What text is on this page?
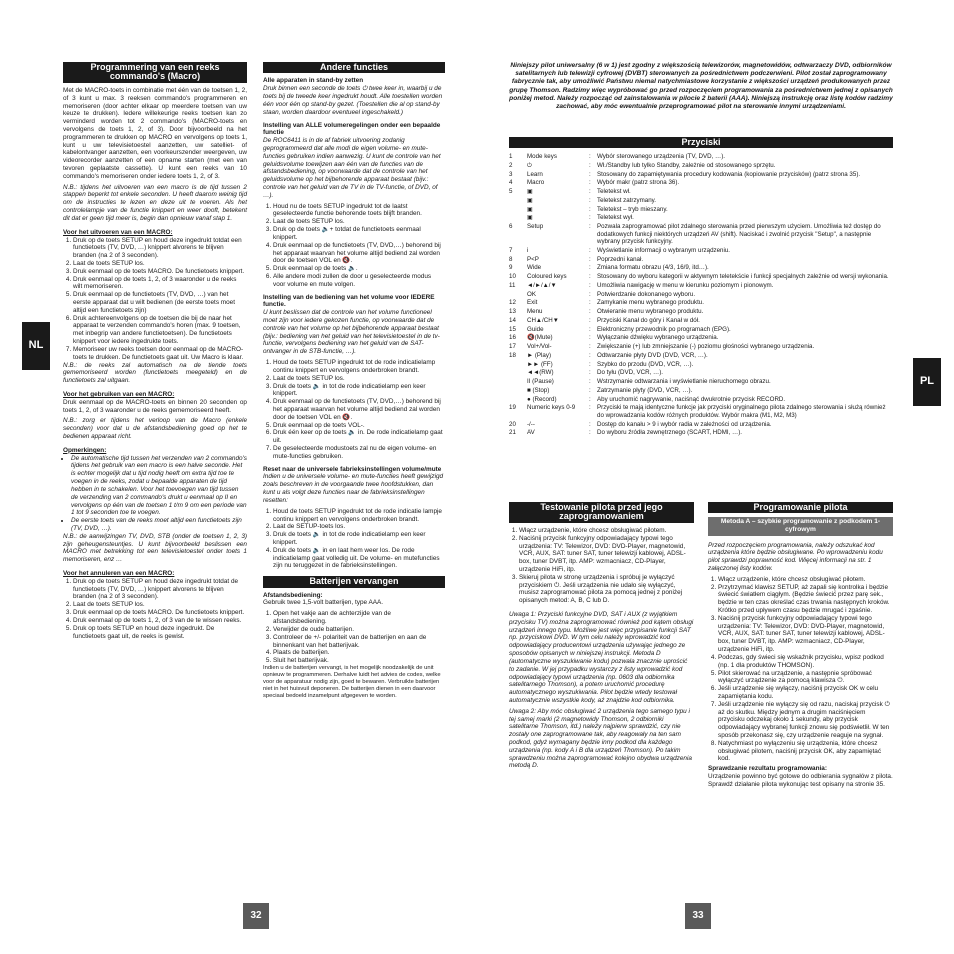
Programmering van een reeks commando's (Macro)

Met de MACRO-toets in combinatie met één van de toetsen 1, 2, of 3 kunt u max. 3 reeksen commando's programmeren en memoriseren (door achter elkaar op meerdere toetsen van uw keuze te drukken). Iedere willekeurige reeks toetsen kan zo verminderd worden tot 2 commando's (MACRO-toets en vervolgens de toets 1, 2, of 3). Door bijvoorbeeld na het programmeren te drukken op MACRO en vervolgens op toets 1, kunt u uw televisietoestel aanzetten, uw satelliet- of kabelontvanger aanzetten, een voorkeurszender weergeven, uw videorecorder aanzetten of een opname starten (met een van tevoren geplaatste cassette). U kunt een reeks van 10 commando's memoriseren onder iedere toets 1, 2, of 3.

N.B.: tijdens het uitvoeren van een macro is de tijd tussen 2 stappen beperkt tot enkele seconden. U heeft daarom weinig tijd om de instructies te lezen en deze uit te voeren. Als het controlelampje van de functie knippert en weer dooft, betekent dit dat er geen tijd meer is, begin dan opnieuw vanaf stap 1.

Voor het uitvoeren van een MACRO:
1. Druk op de toets SETUP en houd deze ingedrukt totdat een functietoets (TV, DVD, …) knippert alvorens te blijven branden (na 2 of 3 seconden).
2. Laat de toets SETUP los.
3. Druk eenmaal op de toets MACRO. De functietoets knippert.
4. Druk eenmaal op de toets 1, 2, of 3 waaronder u de reeks wilt memoriseren.
5. Druk eenmaal op de functietoets (TV, DVD, …) van het eerste apparaat dat u wilt bedienen (de eerste toets moet altijd een functietoets zijn)
6. Druk achtereenvolgens op de toetsen die bij de naar het apparaat te verzenden commando's horen (max. 9 toetsen, met inbegrip van andere functietoetsen). De functietoets knippert voor iedere ingedrukte toets.
7. Memoriseer uw reeks toetsen door eenmaal op de MACRO-toets te drukken. De functietoets gaat uit. Uw Macro is klaar.

N.B.: de reeks zal automatisch na de tiende toets gememoriseerd worden (functietoets meegeteld) en de functietoets zal uitgaan.

Voor het gebruiken van een MACRO:

Druk eenmaal op de MACRO-toets en binnen 20 seconden op toets 1, 2, of 3 waaronder u de reeks gememoriseerd heeft.

N.B.: zorg er tijdens het verloop van de Macro (enkele seconden) voor dat u de afstandsbediening goed op het te bedienen apparaat richt.

Opmerkingen:
• De automatische tijd tussen het verzenden van 2 commando's tijdens het gebruik van een macro is een halve seconde. Het is echter mogelijk dat u tijd nodig heeft om extra tijd toe te voegen in de reeks, zodat u bepaalde apparaten de tijd hebben in te schakelen. Voor het toevoegen van tijd tussen de verzending van 2 commando's drukt u eenmaal op II en vervolgens op één van de toetsen 1 t/m 9 om een periode van 1 tot 9 seconden toe te voegen.
• De eerste toets van de reeks moet altijd een functietoets zijn (TV, DVD, …).

N.B.: de aanwijzingen TV, DVD, STB (onder de toetsen 1, 2, 3) zijn geheugensteuntjes. U kunt bijvoorbeeld beslissen een MACRO met betrekking tot een televisietoestel onder toets 1 memoriseren, enz …

Voor het annuleren van een MACRO:
1. Druk op de toets SETUP en houd deze ingedrukt totdat de functietoets (TV, DVD, …) knippert alvorens te blijven branden (na 2 of 3 seconden).
2. Laat de toets SETUP los.
3. Druk eenmaal op de toets MACRO. De functietoets knippert.
4. Druk eenmaal op de toets 1, 2, of 3 van de te wissen reeks.
5. Druk op toets SETUP en houd deze ingedrukt. De functietoets gaat uit, de reeks is gewist.
Andere functies
Alle apparaten in stand-by zetten

Druk binnen een seconde de toets ⏻ twee keer in, waarbij u de toets bij de tweede keer ingedrukt houdt. Alle toestellen worden één voor één op stand-by gezet. (Toestellen die al op stand-by staan, worden daardoor eventueel ingeschakeld.)

Instelling van ALLE volumeregelingen onder een bepaalde functie

De ROC6411 is in de af fabriek uitvoering zodanig geprogrammeerd dat alle modi de eigen volume- en mute-functies gebruiken indien aanwezig. U kunt de controle van het geluidsvolume toewijzen aan één van de functies van de afstandsbediening, op voorwaarde dat de controle van het geluidsvolume op het bijbehorende apparaat bestaat (bijv.: controle van het geluid van de TV in de TV-functie, of DVD, of …).

1. Houd nu de toets SETUP ingedrukt tot de laatst geselecteerde functie behorende toets blijft branden.
2. Laat de toets SETUP los.
3. Druk op de toets 🔈+ totdat de functietoets eenmaal knippert.
4. Druk eenmaal op de functietoets (TV, DVD,…) behorend bij het apparaat waarvan het volume altijd bediend zal worden door de toetsen VOL en 🔇.
5. Druk eenmaal op de toets 🔈.
6. Alle andere modi zullen de door u geselecteerde modus voor volume en mute volgen.
Instelling van de bediening van het volume voor IEDERE functie.

U kunt beslissen dat de controle van het volume functioneel moet zijn voor iedere gekozen functie, op voorwaarde dat de controle van het volume op het bijbehorende apparaat bestaat (bijv.: bediening van het geluid van het televisietoestel in de tv-functie, vervolgens bediening van het geluid van de SAT-ontvanger in de STB-functie, …).

1. Houd de toets SETUP ingedrukt tot de rode indicatielamp continu knippert en vervolgens onderbroken brandt.
2. Laat de toets SETUP los.
3. Druk de toets 🔈 in tot de rode indicatielamp een keer knippert.
4. Druk eenmaal op de functietoets (TV, DVD,…) behorend bij het apparaat waarvan het volume altijd bediend zal worden door de toetsen VOL en 🔇.
5. Druk eenmaal op de toets VOL-.
6. Druk één keer op de toets 🔈 in. De rode indicatielamp gaat uit.
7. De geselecteerde modustoets zal nu de eigen volume- en mute-functies gebruiken.
Reset naar de universele fabrieksinstellingen volume/mute

Indien u de universele volume- en mute-functies heeft gewijzigd zoals beschreven in de voorgaande twee hoofdstukken, dan kunt u als volgt deze functies naar de fabrieksinstellingen resetten:

1. Houd de toets SETUP ingedrukt tot de rode indicatie lampje continu knippert en vervolgens onderbroken brandt.
2. Laat de SETUP-toets los.
3. Druk de toets 🔈 in tot de rode indicatielamp een keer knippert.
4. Druk de toets 🔈 in en laat hem weer los. De rode indicatielamp gaat volledig uit. De volume- en mutefuncties zijn nu teruggezet in de fabrieksinstellingen.
Batterijen vervangen
Afstandsbediening:

Gebruik twee 1,5-volt batterijen, type AAA.

1. Open het vakje aan de achterzijde van de afstandsbediening.
2. Verwijder de oude batterijen.
3. Controleer de +/- polariteit van de batterijen en aan de binnenkant van het batterijvak.
4. Plaats de batterijen.
5. Sluit het batterijvak.

Indien u de batterijen vervangt, is het mogelijk noodzakelijk de unit opnieuw te programmeren. Derhalve luidt het advies de codes, welke voor de apparatuur nodig zijn, goed te bewaren. Verbruikte batterijen niet in het huisvuil deponeren. De batterijen dienen in een daarvoor speciaal bedoeld inzamelpunt afgegeven te worden.

NL
32
Niniejszy pilot uniwersalny (6 w 1) jest zgodny z większością telewizorów, magnetowidów, odtwarzaczy DVD, odbiorników satelitarnych lub telewizji cyfrowej (DVBT) sterowanych za pośrednictwem podczerwieni. Pilot został zaprogramowany fabrycznie tak, aby umożliwić Państwu niemal natychmiastowe korzystanie z większości urządzeń produkowanych przez grupę Thomson. Radzimy więc wypróbować go przed rozpoczęciem programowania za pośrednictwem jednej z opisanych poniżej metod. Należy rozpocząć od zainstalowania w pilocie 2 baterii (AAA). Niniejszą instrukcję oraz listę kodów radzimy zachować, aby móc ewentualnie przeprogramować pilot na sterowanie innymi urządzeniami.
Przyciski
1	Mode keys	:	Wybór sterowanego urządzenia (TV, DVD, …).
2	⏻	:	Wł./Standby lub tylko Standby, zależnie od stosowanego sprzętu.
3	Learn	:	Stosowany do zapamiętywania procedury kodowania (kopiowanie przycisków) (patrz strona 35).
4	Macro	:	Wybór makr (patrz strona 36).
5	▣	:	Teletekst wł.
	▣	:	Teletekst zatrzymany.
	▣	:	Teletekst – tryb mieszany.
	▣	:	Teletekst wył.
6	Setup	:	Pozwala zaprogramować pilot zdalnego sterowania przed pierwszym użyciem. Umożliwia też dostęp do dodatkowych funkcji niektórych urządzeń AV (shift). Naciskać i zwolnić przycisk "Setup", a następnie wybrany przycisk funkcyjny.
7	i	:	Wyświetlanie informacji o wybranym urządzeniu.
8	P<P	:	Poprzedni kanał.
9	Wide	:	Zmiana formatu obrazu (4/3, 16/9, itd…).
10	Coloured keys	:	Stosowany do wyboru kategorii w aktywnym teletekście i funkcji specjalnych zależnie od wersji wykonania.
11	◄/►/▲/▼	:	Umożliwia nawigację w menu w kierunku poziomym i pionowym.
	OK	:	Potwierdzanie dokonanego wyboru.
12	Exit	:	Zamykanie menu wybranego produktu.
13	Menu	:	Otwieranie menu wybranego produktu.
14	CH▲/CH▼	:	Przyciski Kanał do góry i Kanał w dół.
15	Guide	:	Elektroniczny przewodnik po programach (EPG).
16	🔇(Mute)	:	Wyłączanie dźwięku wybranego urządzenia.
17	Vol+/Vol-	:	Zwiększanie (+) lub zmniejszanie (-) poziomu głośności wybranego urządzenia.
18	► (Play)	:	Odtwarzanie płyty DVD (DVD, VCR, …).
	►► (FF)	:	Szybko do przodu (DVD, VCR, …).
	◄◄(RW)	:	Do tyłu (DVD, VCR, …).
	II (Pause)	:	Wstrzymanie odtwarzania i wyświetlanie nieruchomego obrazu.
	■ (Stop)	:	Zatrzymanie płyty (DVD, VCR, …).
	● (Record)	:	Aby uruchomić nagrywanie, naciśnąć dwukrotnie przycisk RECORD.
19	Numeric keys 0-9	:	Przyciski te mają identyczne funkcje jak przyciski oryginalnego pilota zdalnego sterowania i służą również do wprowadzania kodów różnych produktów. Wybór makra (M1, M2, M3)
20	-/--	:	Dostęp do kanału > 9 i wybór radia w zależności od urządzenia.
21	AV	:	Do wyboru źródła zewnętrznego (SCART, HDMI, …).
Testowanie pilota przed jego zaprogramowaniem
1. Włącz urządzenie, które chcesz obsługiwać pilotem.
2. Naciśnij przycisk funkcyjny odpowiadający typowi tego urządzenia: TV: Telewizor, DVD: DVD-Player, magnetowid, VCR, AUX, SAT: tuner SAT, tuner telewizji kablowej, ADSL-box, tuner DVBT, itp. AMP: wzmacniacz, CD-Player, urządzenie HiFi, itp.
3. Skieruj pilota w stronę urządzenia i spróbuj je wyłączyć przyciskiem ⏻. Jeśli urządzenia nie udało się wyłączyć, musisz zaprogramować pilota za pomocą jednej z poniżej opisanych metod: A, B, C lub D.

Uwaga 1: Przyciski funkcyjne DVD, SAT i AUX (z wyjątkiem przycisku TV) można zaprogramować również pod kątem obsługi urządzeń innego typu. Możliwe jest więc przypisanie funkcji SAT np. przyciskowi DVD. W tym celu należy wprowadzić kod odpowiadający producentowi urządzenia używając jednego ze sposobów opisanych w niniejszej instrukcji. Metoda D (automatyczne wyszukiwanie kodu) pozwala znacznie uprościć to zadanie. W jej przypadku wystarczy z listy wprowadzić kod odpowiadający typowi urządzenia (np. 0603 dla odbiornika satelitarnego Thomson), a potem uruchomić procedurę automatycznego wyszukiwania. Pilot będzie wtedy testował automatycznie wszystkie kody, aż znajdzie kod odbiornika.

Uwaga 2: Aby móc obsługiwać 2 urządzenia tego samego typu i tej samej marki (2 magnetowidy Thomson, 2 odbiorniki satelitarne Thomson, itd.) należy najpierw sprawdzić, czy nie zostały one zaprogramowane tak, aby reagowały na ten sam podkod, gdyż wymagany będzie inny podkod dla każdego urządzenia (np. kody A i B dla urządzeń Thomson). Po takim sprawdzeniu można zaprogramować kolejno obydwa urządzenia metodą D.

Programowanie pilota
Metoda A – szybkie programowanie z podkodem 1-cyfrowym

Przed rozpoczęciem programowania, należy odszukać kod urządzenia które będzie obsługiwane. Po wprowadzeniu kodu pilot sprawdzi poprawność kod. Więcej informacji na str. 1 załączonej listy kodów.

1. Włącz urządzenie, które chcesz obsługiwać pilotem.
2. Przytrzymać klawisz SETUP, aż zapali się kontrolka i będzie świecić światłem ciągłym. (Będzie świecić przez parę sek., będzie w ten czas określać czas trwania następnych kroków. Krótko przed upływem czasu będzie mrugać i zgaśnie.
3. Naciśnij przycisk funkcyjny odpowiadający typowi tego urządzenia: TV: Telewizor, DVD: DVD-Player, magnetowid, VCR, AUX, SAT: tuner SAT, tuner telewizji kablowej, ADSL-box, tuner DVBT, itp. AMP: wzmacniacz, CD-Player, urządzenie HiFi, itp.
4. Podczas, gdy świeci się wskaźnik przycisku, wpisz podkod (np. 1 dla produktów THOMSON).
5. Pilot skierować na urządzenie, a następnie spróbować wyłączyć urządzenie za pomocą klawisza ⏻.
6. Jeśli urządzenie się wyłączy, naciśnij przycisk OK w celu zapamiętania kodu.
7. Jeśli urządzenie nie wyłączy się od razu, naciskaj przycisk ⏻ aż do skutku. Między jednym a drugim naciśnięciem przycisku odczekaj około 1 sekundy, aby przycisk odpowiadający wybranej funkcji znowu się podświetlił. W ten sposób przekonasz się, czy urządzenie reaguje na sygnał.
8. Natychmiast po wyłączeniu się urządzenia, które chcesz obsługiwać pilotem, naciśnij przycisk OK, aby zapamiętać kod.
Sprawdzanie rezultatu programowania:

Urządzenie powinno być gotowe do odbierania sygnałów z pilota. Sprawdź działanie pilota wykonując test opisany na stronie 35.

PL
33
